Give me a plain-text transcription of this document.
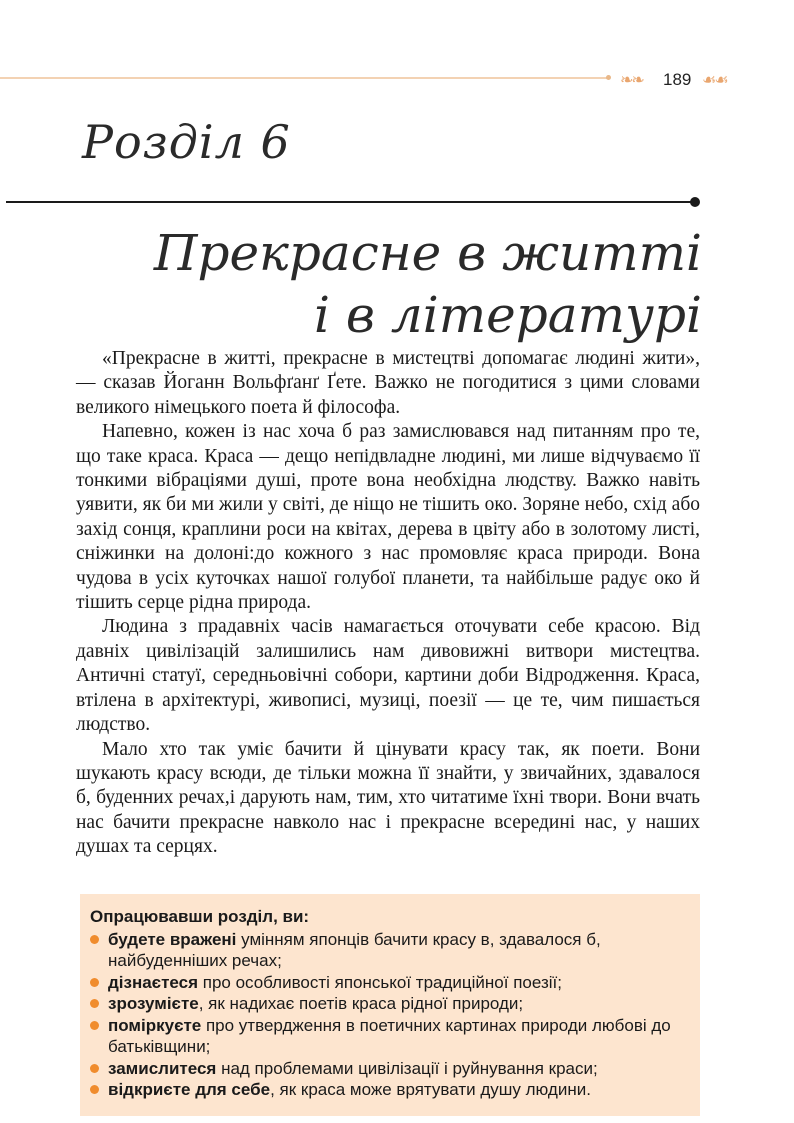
❧❧ 189 ☙☙
Розділ 6
Прекрасне в житті
і в літературі

«Прекрасне в житті, прекрасне в мистецтві допомагає людині жити», — сказав Йоганн Вольфґанґ Ґете. Важко не погодитися з цими словами великого німецького поета й філософа.

Напевно, кожен із нас хоча б раз замислювався над питанням про те, що таке краса. Краса — дещо непідвладне людині, ми лише відчуваємо її тонкими вібраціями душі, проте вона необхідна людству. Важко навіть уявити, як би ми жили у світі, де ніщо не тішить око. Зоряне небо, схід або захід сонця, краплини роси на квітах, дерева в цвіту або в золотому листі, сніжинки на долоні:до кожного з нас промовляє краса природи. Вона чудова в усіх куточках нашої голубої планети, та найбільше радує око й тішить серце рідна природа.

Людина з прадавніх часів намагається оточувати себе красою. Від давніх цивілізацій залишились нам дивовижні витвори мистецтва. Античні статуї, середньовічні собори, картини доби Відродження. Краса, втілена в архітектурі, живописі, музиці, поезії — це те, чим пишається людство.

Мало хто так уміє бачити й цінувати красу так, як поети. Вони шукають красу всюди, де тільки можна її знайти, у звичайних, здавалося б, буденних речах,і дарують нам, тим, хто читатиме їхні твори. Вони вчать нас бачити прекрасне навколо нас і прекрасне всередині нас, у наших душах та серцях.

Опрацювавши розділ, ви:
будете вражені умінням японців бачити красу в, здавалося б, найбуденніших речах;
дізнаєтеся про особливості японської традиційної поезії;
зрозумієте, як надихає поетів краса рідної природи;
поміркуєте про утвердження в поетичних картинах природи любові до батьківщини;
замислитеся над проблемами цивілізації і руйнування краси;
відкриєте для себе, як краса може врятувати душу людини.
